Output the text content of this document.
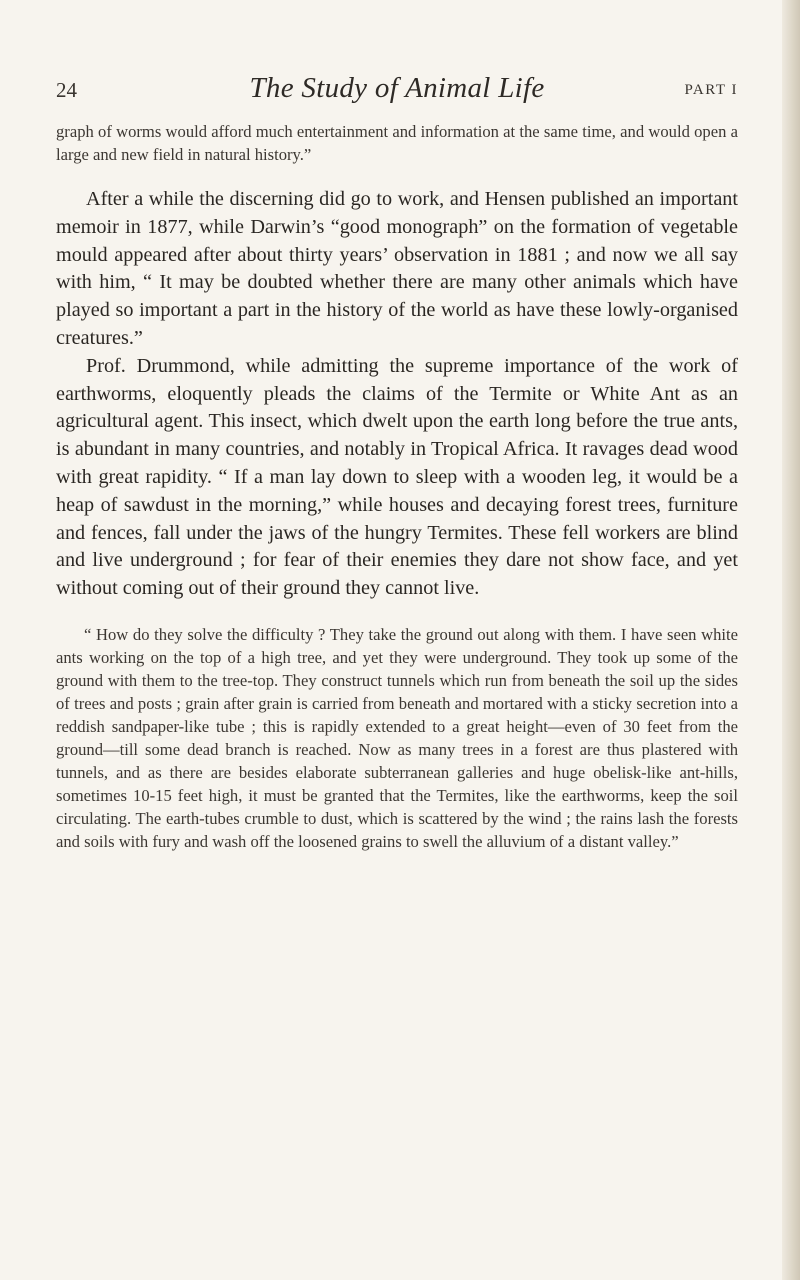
24	The Study of Animal Life	PART I

graph of worms would afford much entertainment and information at the same time, and would open a large and new field in natural history.”

After a while the discerning did go to work, and Hensen published an important memoir in 1877, while Darwin’s “good monograph” on the formation of vegetable mould appeared after about thirty years’ observation in 1881 ; and now we all say with him, “ It may be doubted whether there are many other animals which have played so important a part in the history of the world as have these lowly-organised creatures.”

Prof. Drummond, while admitting the supreme importance of the work of earthworms, eloquently pleads the claims of the Termite or White Ant as an agricultural agent. This insect, which dwelt upon the earth long before the true ants, is abundant in many countries, and notably in Tropical Africa. It ravages dead wood with great rapidity. “ If a man lay down to sleep with a wooden leg, it would be a heap of sawdust in the morning,” while houses and decaying forest trees, furniture and fences, fall under the jaws of the hungry Termites. These fell workers are blind and live underground ; for fear of their enemies they dare not show face, and yet without coming out of their ground they cannot live.

“ How do they solve the difficulty ? They take the ground out along with them. I have seen white ants working on the top of a high tree, and yet they were underground. They took up some of the ground with them to the tree-top. They construct tunnels which run from beneath the soil up the sides of trees and posts ; grain after grain is carried from beneath and mortared with a sticky secretion into a reddish sandpaper-like tube ; this is rapidly extended to a great height—even of 30 feet from the ground—till some dead branch is reached. Now as many trees in a forest are thus plastered with tunnels, and as there are besides elaborate subterranean galleries and huge obelisk-like ant-hills, sometimes 10-15 feet high, it must be granted that the Termites, like the earthworms, keep the soil circulating. The earth-tubes crumble to dust, which is scattered by the wind ; the rains lash the forests and soils with fury and wash off the loosened grains to swell the alluvium of a distant valley.”
